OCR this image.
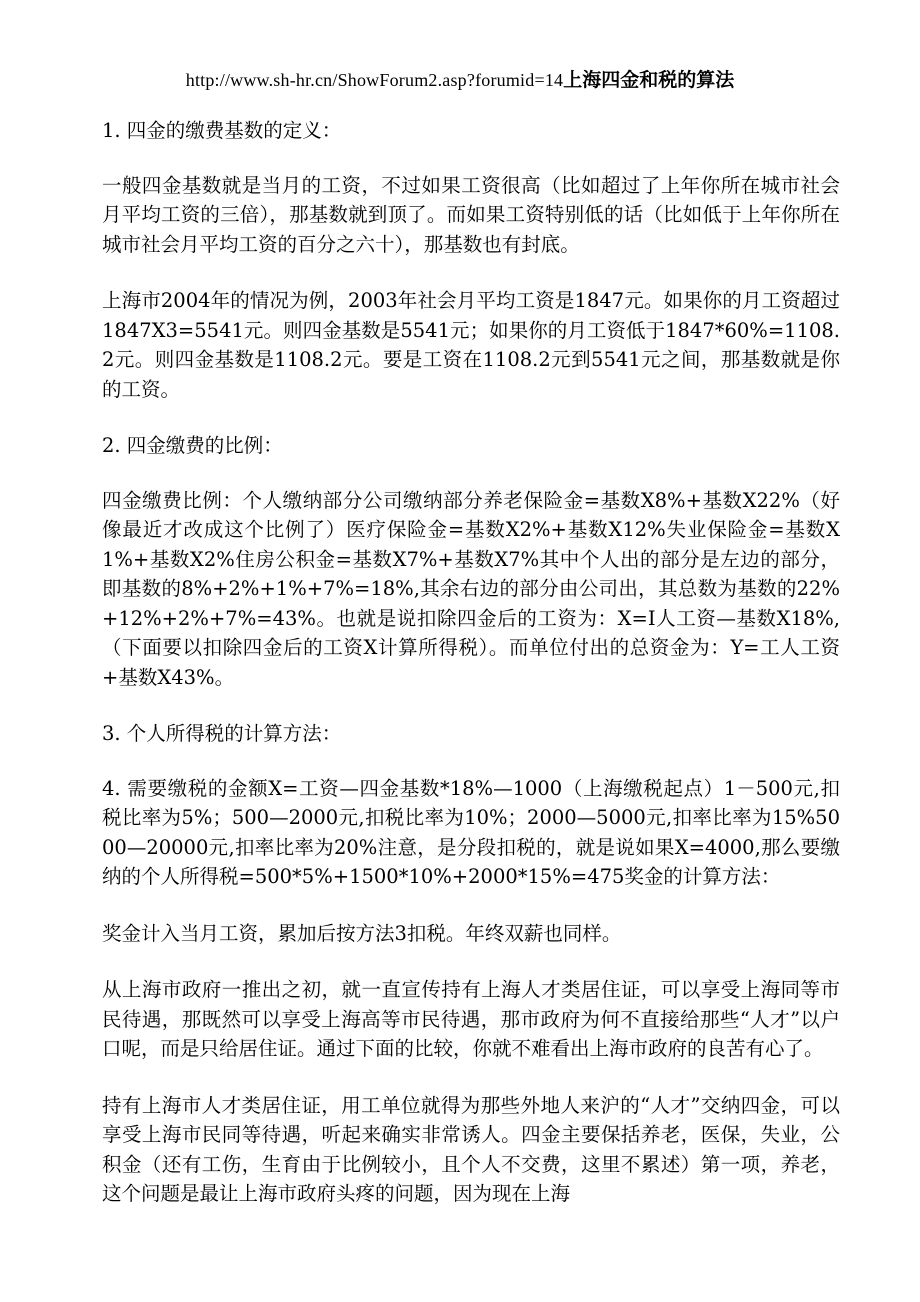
http://www.sh-hr.cn/ShowForum2.asp?forumid=14上海四金和税的算法

1. 四金的缴费基数的定义：

一般四金基数就是当月的工资，不过如果工资很高（比如超过了上年你所在城市社会月平均工资的三倍），那基数就到顶了。而如果工资特别低的话（比如低于上年你所在城市社会月平均工资的百分之六十），那基数也有封底。

上海市2004年的情况为例，2003年社会月平均工资是1847元。如果你的月工资超过1847X3=5541元。则四金基数是5541元；如果你的月工资低于1847*60%=1108.2元。则四金基数是1108.2元。要是工资在1108.2元到5541元之间，那基数就是你的工资。

2. 四金缴费的比例：

四金缴费比例：个人缴纳部分公司缴纳部分养老保险金=基数X8%+基数X22%（好像最近才改成这个比例了）医疗保险金=基数X2%+基数X12%失业保险金=基数X1%+基数X2%住房公积金=基数X7%+基数X7%其中个人出的部分是左边的部分，即基数的8%+2%+1%+7%=18%,其余右边的部分由公司出，其总数为基数的22%+12%+2%+7%=43%。也就是说扣除四金后的工资为：X=I人工资—基数X18%,（下面要以扣除四金后的工资X计算所得税）。而单位付出的总资金为：Y=工人工资+基数X43%。

3. 个人所得税的计算方法：

4. 需要缴税的金额X=工资—四金基数*18%—1000（上海缴税起点）1－500元,扣税比率为5%；500—2000元,扣税比率为10%；2000—5000元,扣率比率为15%5000—20000元,扣率比率为20%注意，是分段扣税的，就是说如果X=4000,那么要缴纳的个人所得税=500*5%+1500*10%+2000*15%=475奖金的计算方法：

奖金计入当月工资，累加后按方法3扣税。年终双薪也同样。

从上海市政府一推出之初，就一直宣传持有上海人才类居住证，可以享受上海同等市民待遇，那既然可以享受上海高等市民待遇，那市政府为何不直接给那些“人才”以户口呢，而是只给居住证。通过下面的比较，你就不难看出上海市政府的良苦有心了。

持有上海市人才类居住证，用工单位就得为那些外地人来沪的“人才”交纳四金，可以享受上海市民同等待遇，听起来确实非常诱人。四金主要保括养老，医保，失业，公积金（还有工伤，生育由于比例较小，且个人不交费，这里不累述）第一项，养老，这个问题是最让上海市政府头疼的问题，因为现在上海
